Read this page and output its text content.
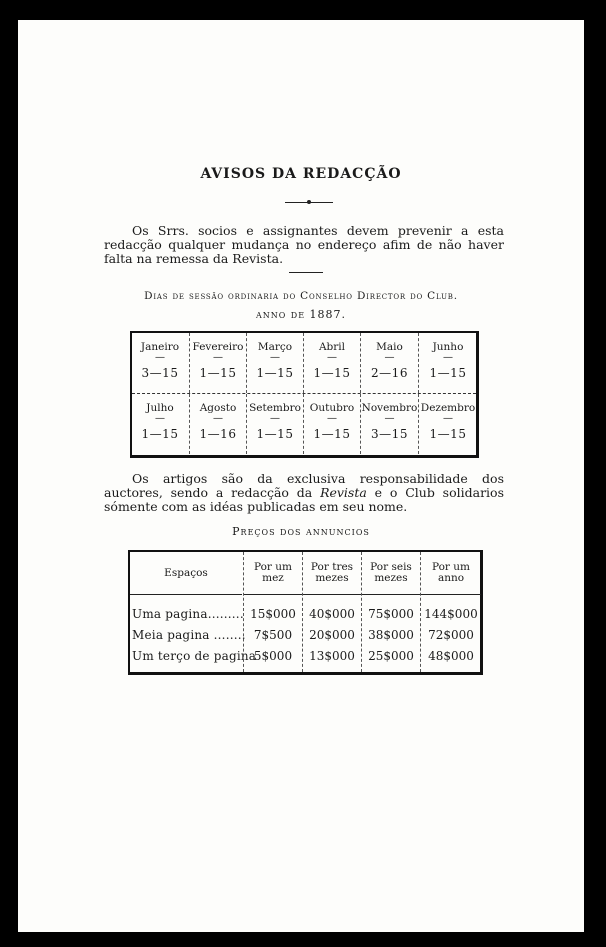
AVISOS DA REDACÇÃO
Os Srrs. socios e assignantes devem prevenir a esta redacção qualquer mudança no endereço afim de não haver falta na remessa da Revista.
Dias de sessão ordinaria do Conselho Director do Club.
anno de 1887.
Janeiro
—
3—15
Fevereiro
—
1—15
Março
—
1—15
Abril
—
1—15
Maio
—
2—16
Junho
—
1—15
Julho
—
1—15
Agosto
—
1—16
Setembro
—
1—15
Outubro
—
1—15
Novembro
—
3—15
Dezembro
—
1—15
Os artigos são da exclusiva responsabilidade dos auctores, sendo a redacção da Revista e o Club solidarios sómente com as idéas publicadas em seu nome.
Preços dos annuncios
Espaços
Uma pagina.........
Meia pagina ........
Um terço de pagina
Por um mez
15$000
7$500
5$000
Por tres mezes
40$000
20$000
13$000
Por seis mezes
75$000
38$000
25$000
Por um anno
144$000
72$000
48$000
